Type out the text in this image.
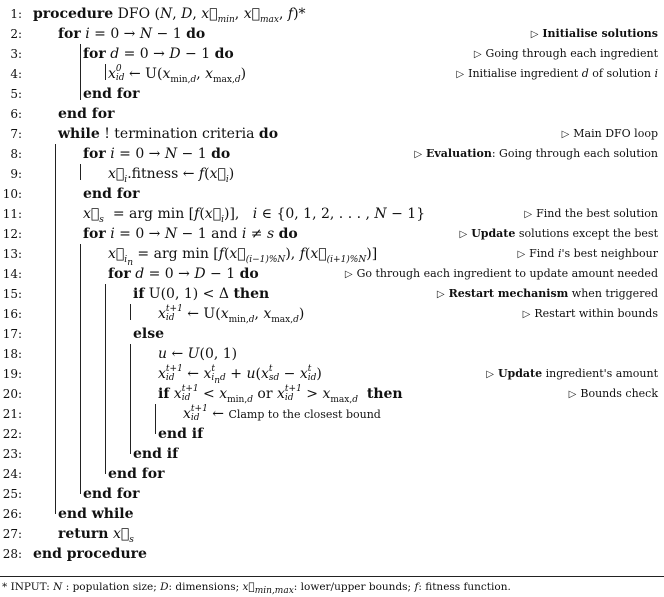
1: procedure DFO (N, D, $x⃗_{min}$, $x⃗_{max}$, f)*
2:	for i = 0 → N − 1 do	▷ Initialise solutions
3:	for d = 0 → D − 1 do	▷ Going through each ingredient
4:	x 0
id ← $U(x_{min,d}$, $x_{max,d}$)	▷ Initialise ingredient d of solution i
5:	end for
6:	end for
7:	while ! termination criteria do	▷ Main DFO loop
8:	for i = 0 → N − 1 do	▷ Evaluation: Going through each solution
9:	$x⃗_i.fitness$ ← $f(x⃗_i)$
10:	end for
11:	$x⃗_s$  = arg $\min [f(x⃗_i)]$,   i ∈ {0, 1, 2, . . . , N − 1}	▷ Find the best solution
12:	for i = 0 → N − 1 and i ≠ s do	▷ Update solutions except the best
13:	$x⃗_{i_n}$ = arg $\min [f(x⃗_{(i-1)\%N})$, $f(x⃗_{(i+1)\%N})$]	▷ Find i's best neighbour
14:	for d = 0 → D − 1 do	▷ Go through each ingredient to update amount needed
15:	if U(0, 1) < Δ then	▷ Restart mechanism when triggered
16:	x t+1
id ← $U(x_{min,d}$, $x_{max,d}$)	▷ Restart within bounds
17:	else
18:	u ← U(0, 1)
19:	x t+1
id ← x t
$i_nd + u(x$ t
sd − x t
id )	▷ Update ingredient's amount
20:	if x t+1
id < $x_{min,d}$ or x t+1
id > $x_{max,d}$ then	▷ Bounds check
21:	x t+1
id ← Clamp to the closest bound
22:	end if
23:	end if
24:	end for
25:	end for
26:	end while
27:	return $x⃗_s$
28: end procedure
* INPUT: N : population size; D: dimensions; $x⃗_{min,max}$: lower/upper bounds; f: fitness function.
